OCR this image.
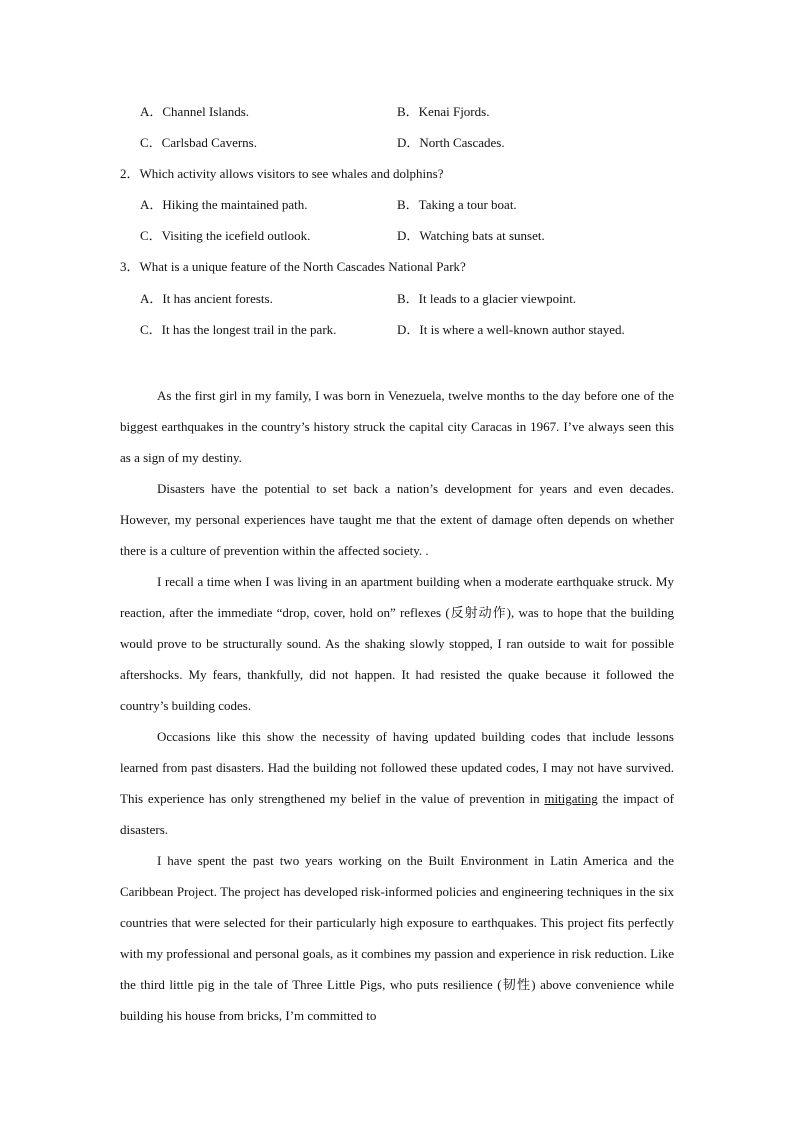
A．Channel Islands.	B．Kenai Fjords.
C．Carlsbad Caverns.	D．North Cascades.
2．Which activity allows visitors to see whales and dolphins?
A．Hiking the maintained path.	B．Taking a tour boat.
C．Visiting the icefield outlook.	D．Watching bats at sunset.
3．What is a unique feature of the North Cascades National Park?
A．It has ancient forests.	B．It leads to a glacier viewpoint.
C．It has the longest trail in the park.	D．It is where a well-known author stayed.

As the first girl in my family, I was born in Venezuela, twelve months to the day before one of the biggest earthquakes in the country’s history struck the capital city Caracas in 1967. I’ve always seen this as a sign of my destiny.

Disasters have the potential to set back a nation’s development for years and even decades. However, my personal experiences have taught me that the extent of damage often depends on whether there is a culture of prevention within the affected society. .

I recall a time when I was living in an apartment building when a moderate earthquake struck. My reaction, after the immediate “drop, cover, hold on” reflexes (反射动作), was to hope that the building would prove to be structurally sound. As the shaking slowly stopped, I ran outside to wait for possible aftershocks. My fears, thankfully, did not happen. It had resisted the quake because it followed the country’s building codes.

Occasions like this show the necessity of having updated building codes that include lessons learned from past disasters. Had the building not followed these updated codes, I may not have survived. This experience has only strengthened my belief in the value of prevention in mitigating the impact of disasters.

I have spent the past two years working on the Built Environment in Latin America and the Caribbean Project. The project has developed risk-informed policies and engineering techniques in the six countries that were selected for their particularly high exposure to earthquakes. This project fits perfectly with my professional and personal goals, as it combines my passion and experience in risk reduction. Like the third little pig in the tale of Three Little Pigs, who puts resilience (韧性) above convenience while building his house from bricks, I’m committed to
